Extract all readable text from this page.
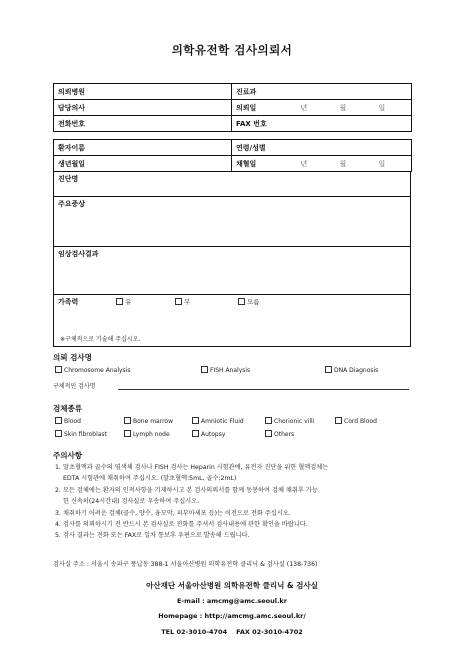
의학유전학 검사의뢰서
의뢰병원	진료과
담당의사	의뢰일 년 월 일
전화번호	FAX 번호
환자이름	연령/성별
생년월일	채혈일 년 월 일
진단명
주요증상
임상검사결과
가족력	유	무	모름
※구체적으로 기술해 주십시오.
의뢰 검사명
Chromosome Analysis	FISH Analysis	DNA Diagnosis
구체적인 검사명
검체종류
Blood	Bone marrow	Amniotic Fluid	Chorionic villi	Cord Blood
Skin fibroblast	Lymph node	Autopsy	Others
주의사항
1. 말초혈액과 골수의 염색체 검사나 FISH 검사는 Heparin 시험관에, 유전자 진단을 위한 혈액검체는
EDTA 시험관에 채취하여 주십시오. (말초혈액:5mL, 골수:2mL)
2. 모든 검체에는 환자의 인적사항을 기재하시고 본 검사의뢰서를 함께 동봉하여 검체 채취후 가능
한 신속히(24시간내) 검사실로 우송하여 주십시오.
3. 채취하기 어려운 검체(골수, 양수, 융모막, 피부아세포 등)는 이전으로 전화 주십시오.
4. 검사를 의뢰하시기 전 반드시 본 검사실로 전화를 주셔서 검사내용에 관한 확인을 바랍니다.
5. 검사 결과는 전화 또는 FAX로 일차 통보후 우편으로 발송해 드립니다.
검사실 주소 : 서울시 송파구 풍납동 388-1 서울아산병원 의학유전학 클리닉 & 검사실 (138-736)
아산재단 서울아산병원 의학유전학 클리닉 & 검사실
E-mail : amcmg@amc.seoul.kr
Homepage : http://amcmg.amc.seoul.kr/
TEL 02-3010-4704    FAX 02-3010-4702
